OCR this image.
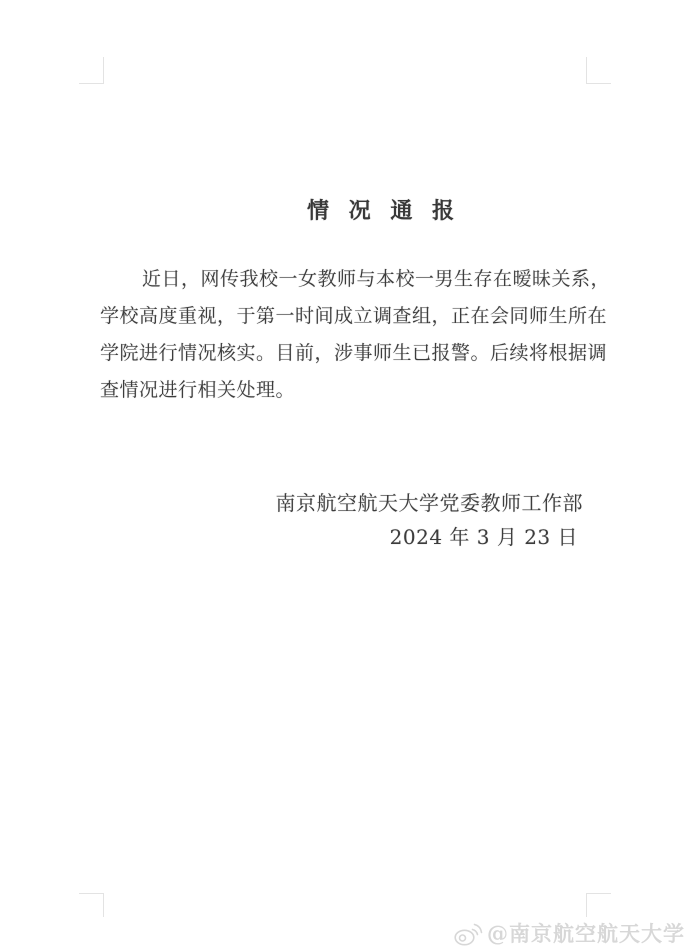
情 况 通 报
近日，网传我校一女教师与本校一男生存在暧昧关系，
学校高度重视，于第一时间成立调查组，正在会同师生所在
学院进行情况核实。目前，涉事师生已报警。后续将根据调
查情况进行相关处理。
南京航空航天大学党委教师工作部
2024 年 3 月 23 日
@南京航空航天大学
